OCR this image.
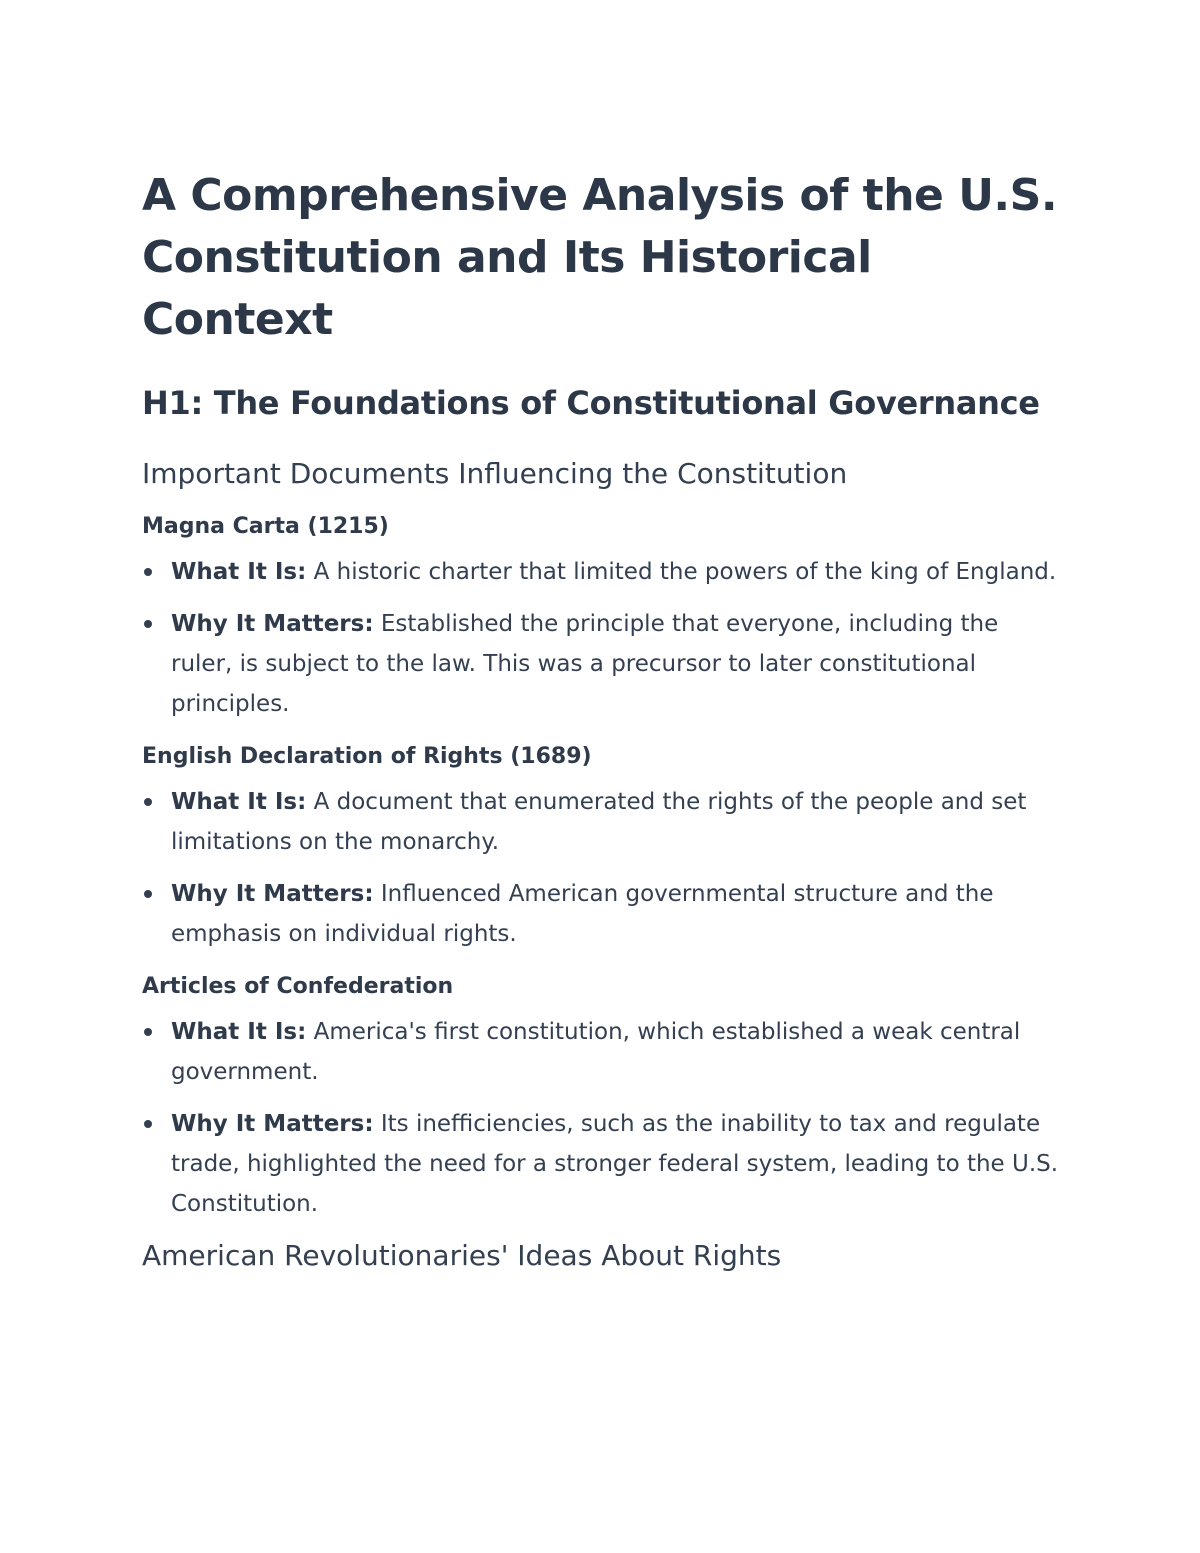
A Comprehensive Analysis of the U.S. Constitution and Its Historical Context
H1: The Foundations of Constitutional Governance
Important Documents Influencing the Constitution
Magna Carta (1215)
What It Is: A historic charter that limited the powers of the king of England.
Why It Matters: Established the principle that everyone, including the ruler, is subject to the law. This was a precursor to later constitutional principles.
English Declaration of Rights (1689)
What It Is: A document that enumerated the rights of the people and set limitations on the monarchy.
Why It Matters: Influenced American governmental structure and the emphasis on individual rights.
Articles of Confederation
What It Is: America's first constitution, which established a weak central government.
Why It Matters: Its inefficiencies, such as the inability to tax and regulate trade, highlighted the need for a stronger federal system, leading to the U.S. Constitution.
American Revolutionaries' Ideas About Rights
